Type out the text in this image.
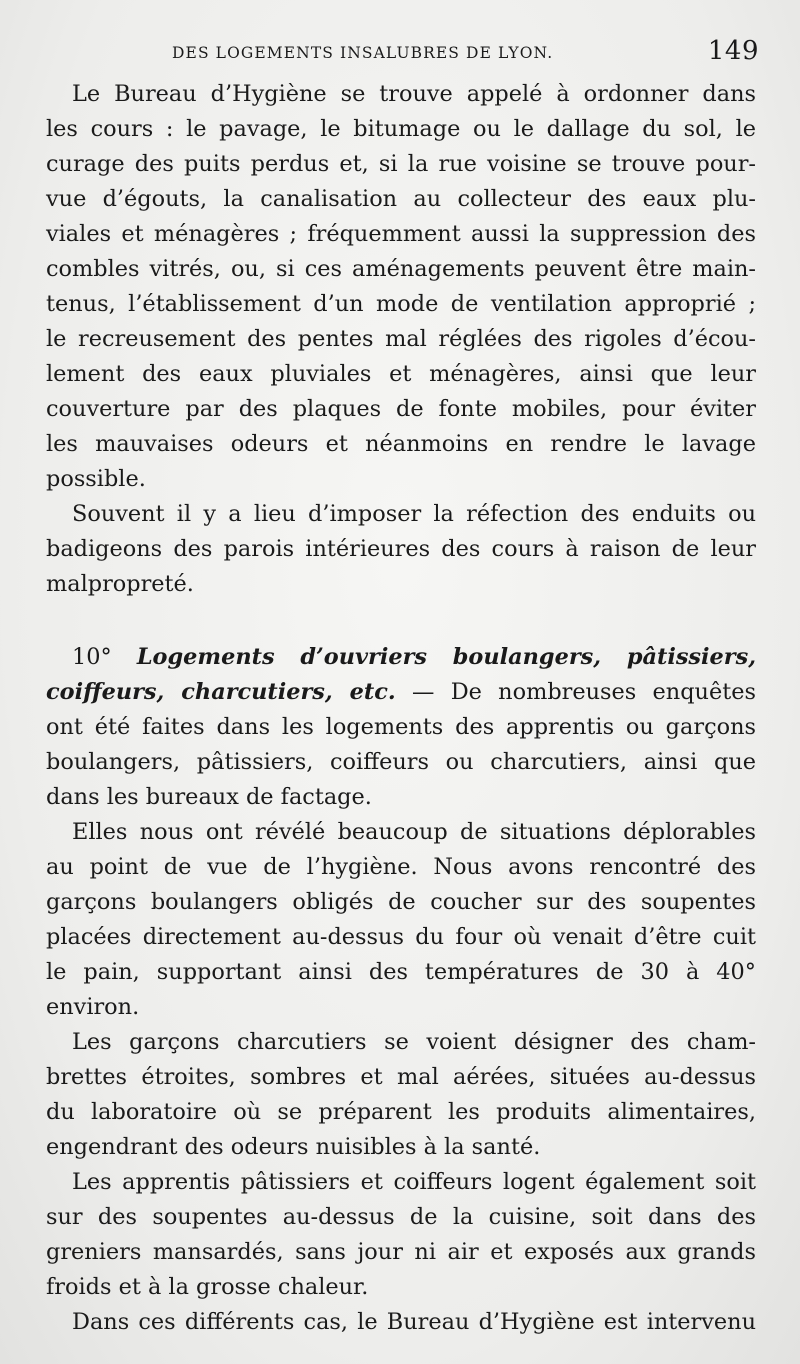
DES LOGEMENTS INSALUBRES DE LYON.	149
Le Bureau d’Hygiène se trouve appelé à ordonner dans
les cours : le pavage, le bitumage ou le dallage du sol, le
curage des puits perdus et, si la rue voisine se trouve pour-
vue d’égouts, la canalisation au collecteur des eaux plu-
viales et ménagères ; fréquemment aussi la suppression des
combles vitrés, ou, si ces aménagements peuvent être main-
tenus, l’établissement d’un mode de ventilation approprié ;
le recreusement des pentes mal réglées des rigoles d’écou-
lement des eaux pluviales et ménagères, ainsi que leur
couverture par des plaques de fonte mobiles, pour éviter
les mauvaises odeurs et néanmoins en rendre le lavage
possible.
Souvent il y a lieu d’imposer la réfection des enduits ou
badigeons des parois intérieures des cours à raison de leur
malpropreté.
10° Logements d’ouvriers boulangers, pâtissiers,
coiffeurs, charcutiers, etc. — De nombreuses enquêtes
ont été faites dans les logements des apprentis ou garçons
boulangers, pâtissiers, coiffeurs ou charcutiers, ainsi que
dans les bureaux de factage.
Elles nous ont révélé beaucoup de situations déplorables
au point de vue de l’hygiène. Nous avons rencontré des
garçons boulangers obligés de coucher sur des soupentes
placées directement au-dessus du four où venait d’être cuit
le pain, supportant ainsi des températures de 30 à 40°
environ.
Les garçons charcutiers se voient désigner des cham-
brettes étroites, sombres et mal aérées, situées au-dessus
du laboratoire où se préparent les produits alimentaires,
engendrant des odeurs nuisibles à la santé.
Les apprentis pâtissiers et coiffeurs logent également soit
sur des soupentes au-dessus de la cuisine, soit dans des
greniers mansardés, sans jour ni air et exposés aux grands
froids et à la grosse chaleur.
Dans ces différents cas, le Bureau d’Hygiène est intervenu
